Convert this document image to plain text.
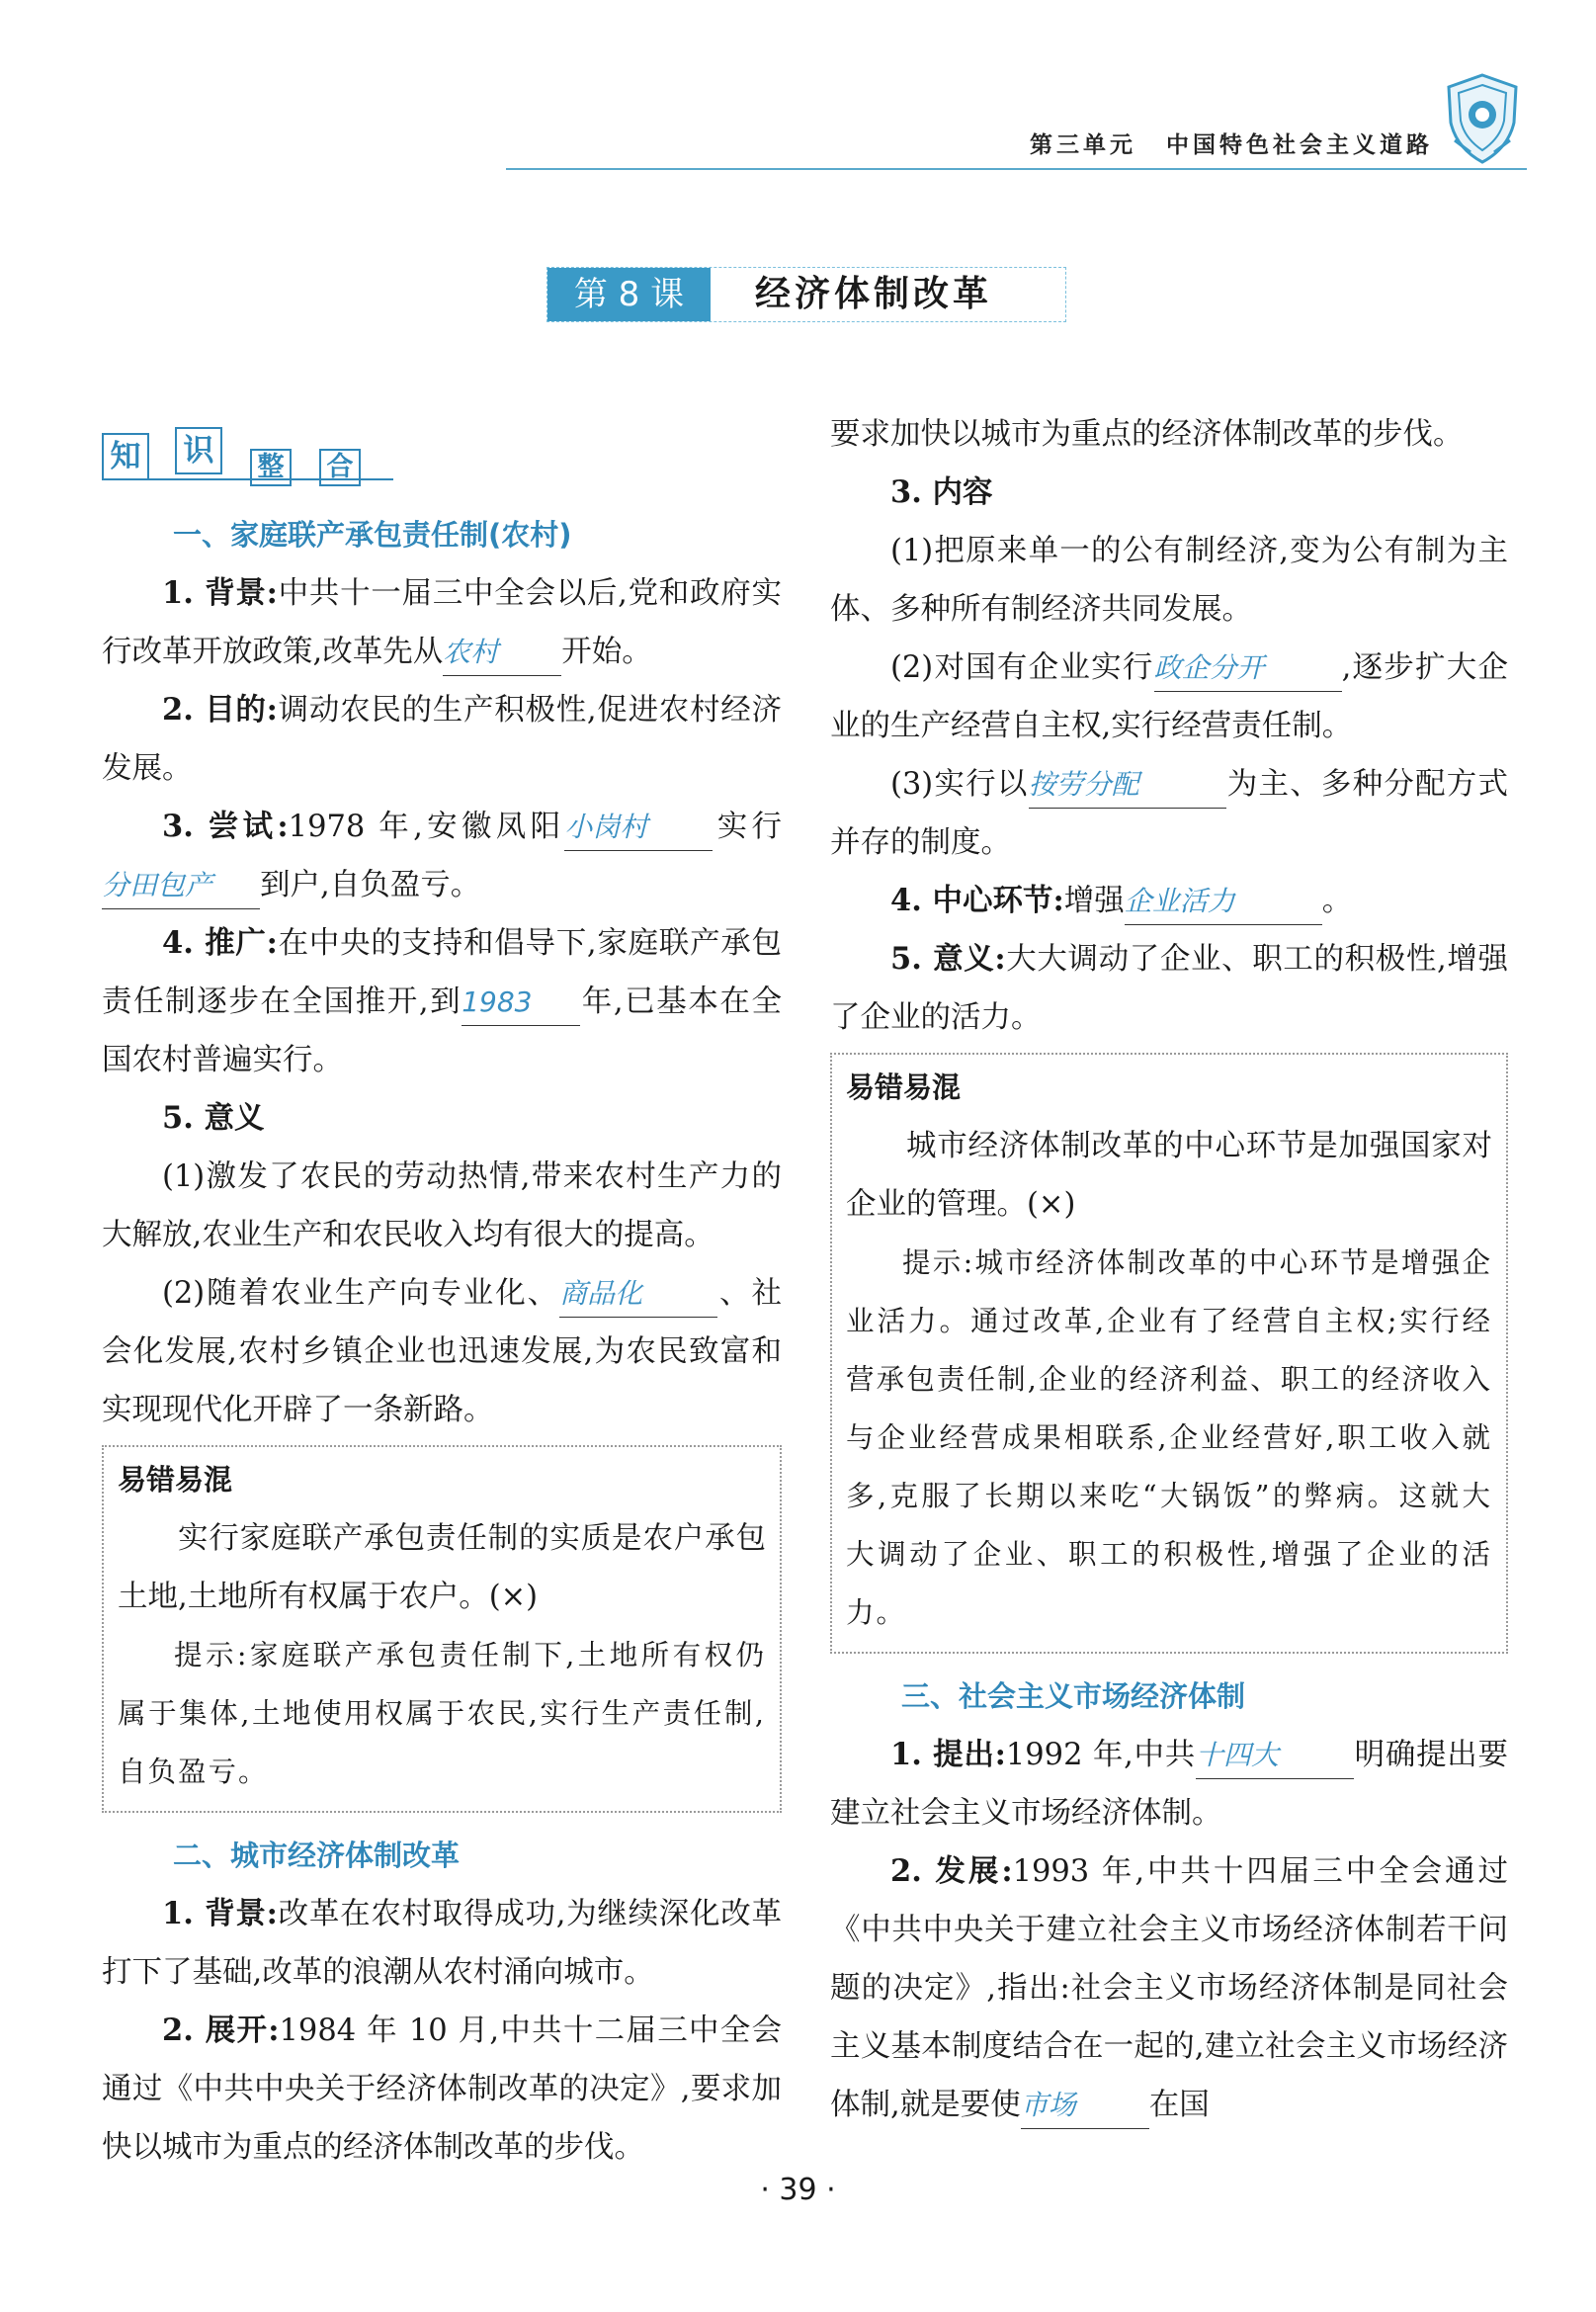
第三单元 中国特色社会主义道路
第 8 课	经济体制改革
知 识	整 合

一、家庭联产承包责任制(农村)

1. 背景:中共十一届三中全会以后,党和政府实行改革开放政策,改革先从农村 开始。

2. 目的:调动农民的生产积极性,促进农村经济发展。

3. 尝试:1978 年,安徽凤阳小岗村 实行分田包产 到户,自负盈亏。

4. 推广:在中央的支持和倡导下,家庭联产承包责任制逐步在全国推开,到1983 年,已基本在全国农村普遍实行。

5. 意义

(1)激发了农民的劳动热情,带来农村生产力的大解放,农业生产和农民收入均有很大的提高。

(2)随着农业生产向专业化、商品化 、社会化发展,农村乡镇企业也迅速发展,为农民致富和实现现代化开辟了一条新路。

易错易混

实行家庭联产承包责任制的实质是农户承包土地,土地所有权属于农户。(×)

提示:家庭联产承包责任制下,土地所有权仍属于集体,土地使用权属于农民,实行生产责任制,自负盈亏。

二、城市经济体制改革

1. 背景:改革在农村取得成功,为继续深化改革打下了基础,改革的浪潮从农村涌向城市。

2. 展开:1984 年 10 月,中共十二届三中全会通过《中共中央关于经济体制改革的决定》,要求加快以城市为重点的经济体制改革的步伐。

要求加快以城市为重点的经济体制改革的步伐。

3. 内容

(1)把原来单一的公有制经济,变为公有制为主体、多种所有制经济共同发展。

(2)对国有企业实行政企分开	,逐步扩大企业的生产经营自主权,实行经营责任制。

(3)实行以按劳分配	为主、多种分配方式并存的制度。

4. 中心环节:增强企业活力	。

5. 意义:大大调动了企业、职工的积极性,增强了企业的活力。

易错易混

城市经济体制改革的中心环节是加强国家对企业的管理。(×)

提示:城市经济体制改革的中心环节是增强企业活力。通过改革,企业有了经营自主权;实行经营承包责任制,企业的经济利益、职工的经济收入与企业经营成果相联系,企业经营好,职工收入就多,克服了长期以来吃“大锅饭”的弊病。这就大大调动了企业、职工的积极性,增强了企业的活力。

三、社会主义市场经济体制

1. 提出:1992 年,中共十四大 明确提出要建立社会主义市场经济体制。

2. 发展:1993 年,中共十四届三中全会通过《中共中央关于建立社会主义市场经济体制若干问题的决定》,指出:社会主义市场经济体制是同社会主义基本制度结合在一起的,建立社会主义市场经济体制,就是要使市场 在国

· 39 ·
